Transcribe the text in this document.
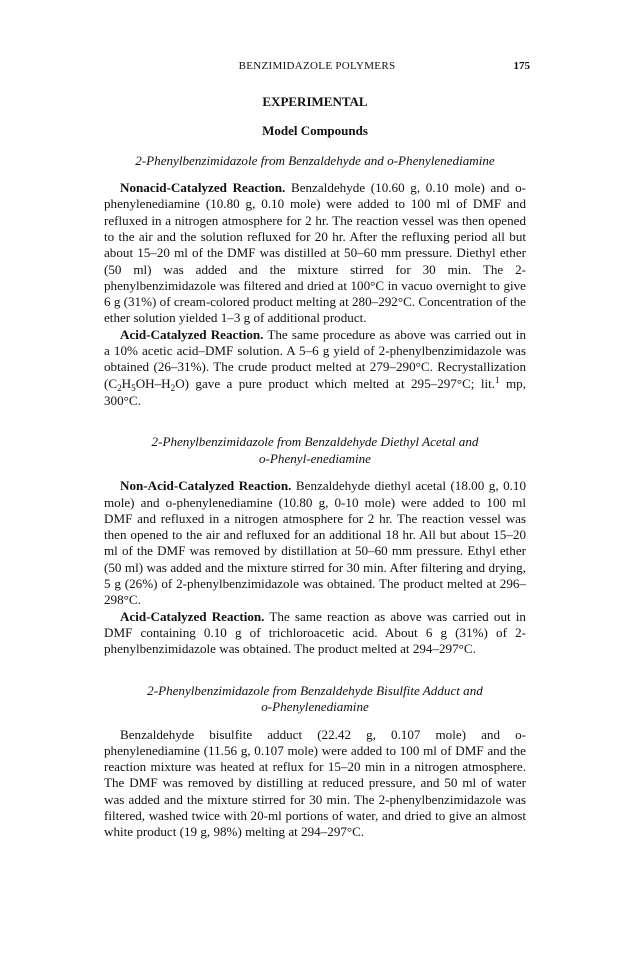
BENZIMIDAZOLE POLYMERS	175
EXPERIMENTAL
Model Compounds
2-Phenylbenzimidazole from Benzaldehyde and o-Phenylenediamine

Nonacid-Catalyzed Reaction. Benzaldehyde (10.60 g, 0.10 mole) and o-phenylenediamine (10.80 g, 0.10 mole) were added to 100 ml of DMF and refluxed in a nitrogen atmosphere for 2 hr. The reaction vessel was then opened to the air and the solution refluxed for 20 hr. After the refluxing period all but about 15–20 ml of the DMF was distilled at 50–60 mm pressure. Diethyl ether (50 ml) was added and the mixture stirred for 30 min. The 2-phenylbenzimidazole was filtered and dried at 100°C in vacuo overnight to give 6 g (31%) of cream-colored product melting at 280–292°C. Concentration of the ether solution yielded 1–3 g of additional product.

Acid-Catalyzed Reaction. The same procedure as above was carried out in a 10% acetic acid–DMF solution. A 5–6 g yield of 2-phenylbenzimidazole was obtained (26–31%). The crude product melted at 279–290°C. Recrystallization $(C_2H_5OH-H_2O)$ gave a pure product which melted at 295–297°C; lit.$^1$ mp, 300°C.

2-Phenylbenzimidazole from Benzaldehyde Diethyl Acetal and
o-Phenyl-enediamine

Non-Acid-Catalyzed Reaction. Benzaldehyde diethyl acetal (18.00 g, 0.10 mole) and o-phenylenediamine (10.80 g, 0-10 mole) were added to 100 ml DMF and refluxed in a nitrogen atmosphere for 2 hr. The reaction vessel was then opened to the air and refluxed for an additional 18 hr. All but about 15–20 ml of the DMF was removed by distillation at 50–60 mm pressure. Ethyl ether (50 ml) was added and the mixture stirred for 30 min. After filtering and drying, 5 g (26%) of 2-phenylbenzimidazole was obtained. The product melted at 296–298°C.

Acid-Catalyzed Reaction. The same reaction as above was carried out in DMF containing 0.10 g of trichloroacetic acid. About 6 g (31%) of 2-phenylbenzimidazole was obtained. The product melted at 294–297°C.

2-Phenylbenzimidazole from Benzaldehyde Bisulfite Adduct and
o-Phenylenediamine

Benzaldehyde bisulfite adduct (22.42 g, 0.107 mole) and o-phenylenediamine (11.56 g, 0.107 mole) were added to 100 ml of DMF and the reaction mixture was heated at reflux for 15–20 min in a nitrogen atmosphere. The DMF was removed by distilling at reduced pressure, and 50 ml of water was added and the mixture stirred for 30 min. The 2-phenylbenzimidazole was filtered, washed twice with 20-ml portions of water, and dried to give an almost white product (19 g, 98%) melting at 294–297°C.
